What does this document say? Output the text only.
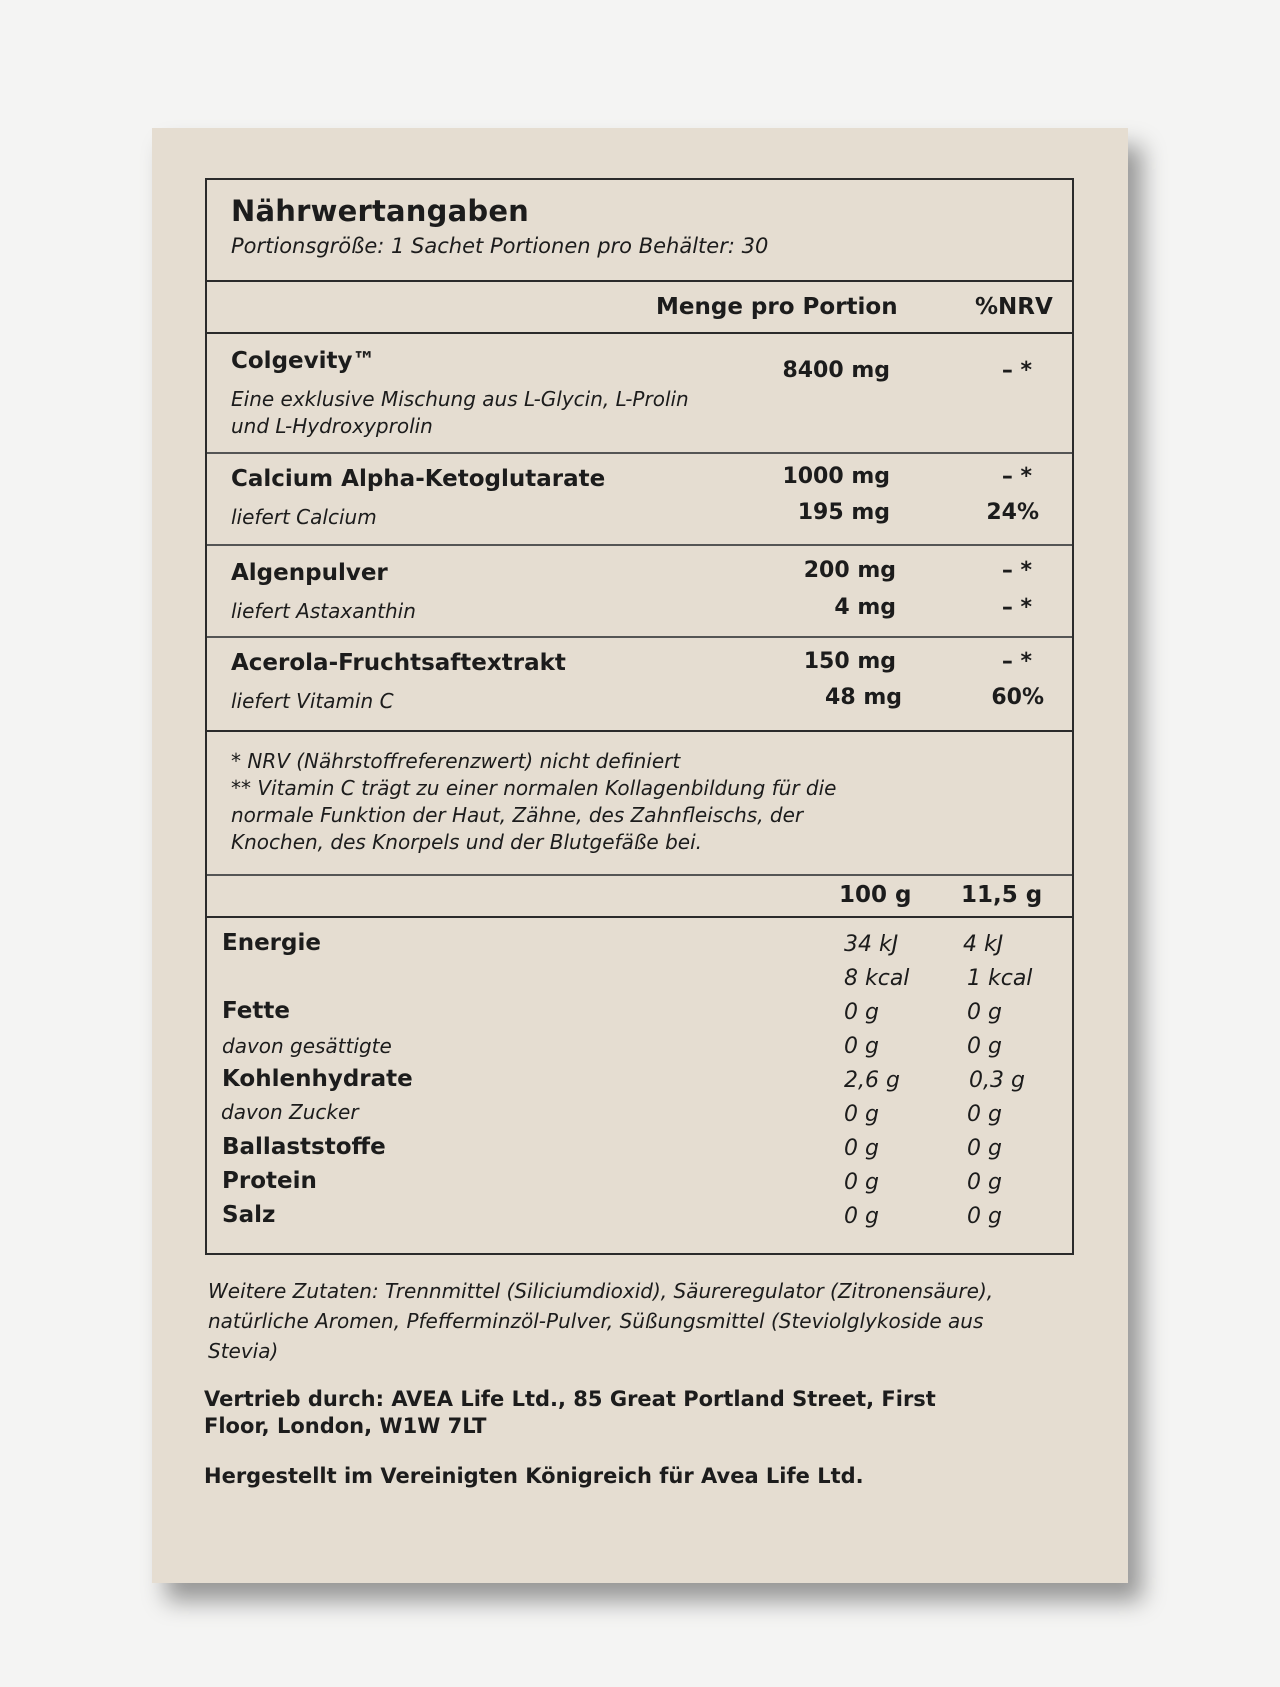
Nährwertangaben
Portionsgröße: 1 Sachet Portionen pro Behälter: 30
Menge pro Portion	%NRV
Colgevity™
Eine exklusive Mischung aus L-Glycin, L-Prolin
und L-Hydroxyprolin
8400 mg	– *
Calcium Alpha-Ketoglutarate	1000 mg	– *
liefert Calcium	195 mg	24%
Algenpulver	200 mg	– *
liefert Astaxanthin	4 mg	– *
Acerola-Fruchtsaftextrakt	150 mg	– *
liefert Vitamin C	48 mg	60%
* NRV (Nährstoffreferenzwert) nicht definiert
** Vitamin C trägt zu einer normalen Kollagenbildung für die
normale Funktion der Haut, Zähne, des Zahnfleischs, der
Knochen, des Knorpels und der Blutgefäße bei.
100 g 11,5 g
Energie	34 kJ	4 kJ
8 kcal	1 kcal
Fette	0 g	0 g
davon gesättigte	0 g	0 g
Kohlenhydrate	2,6 g	0,3 g
davon Zucker	0 g	0 g
Ballaststoffe	0 g	0 g
Protein	0 g	0 g
Salz	0 g	0 g
Weitere Zutaten: Trennmittel (Siliciumdioxid), Säureregulator (Zitronensäure), natürliche Aromen, Pfefferminzöl-Pulver, Süßungsmittel (Steviolglykoside aus Stevia)
Vertrieb durch: AVEA Life Ltd., 85 Great Portland Street, First Floor, London, W1W 7LT
Hergestellt im Vereinigten Königreich für Avea Life Ltd.
